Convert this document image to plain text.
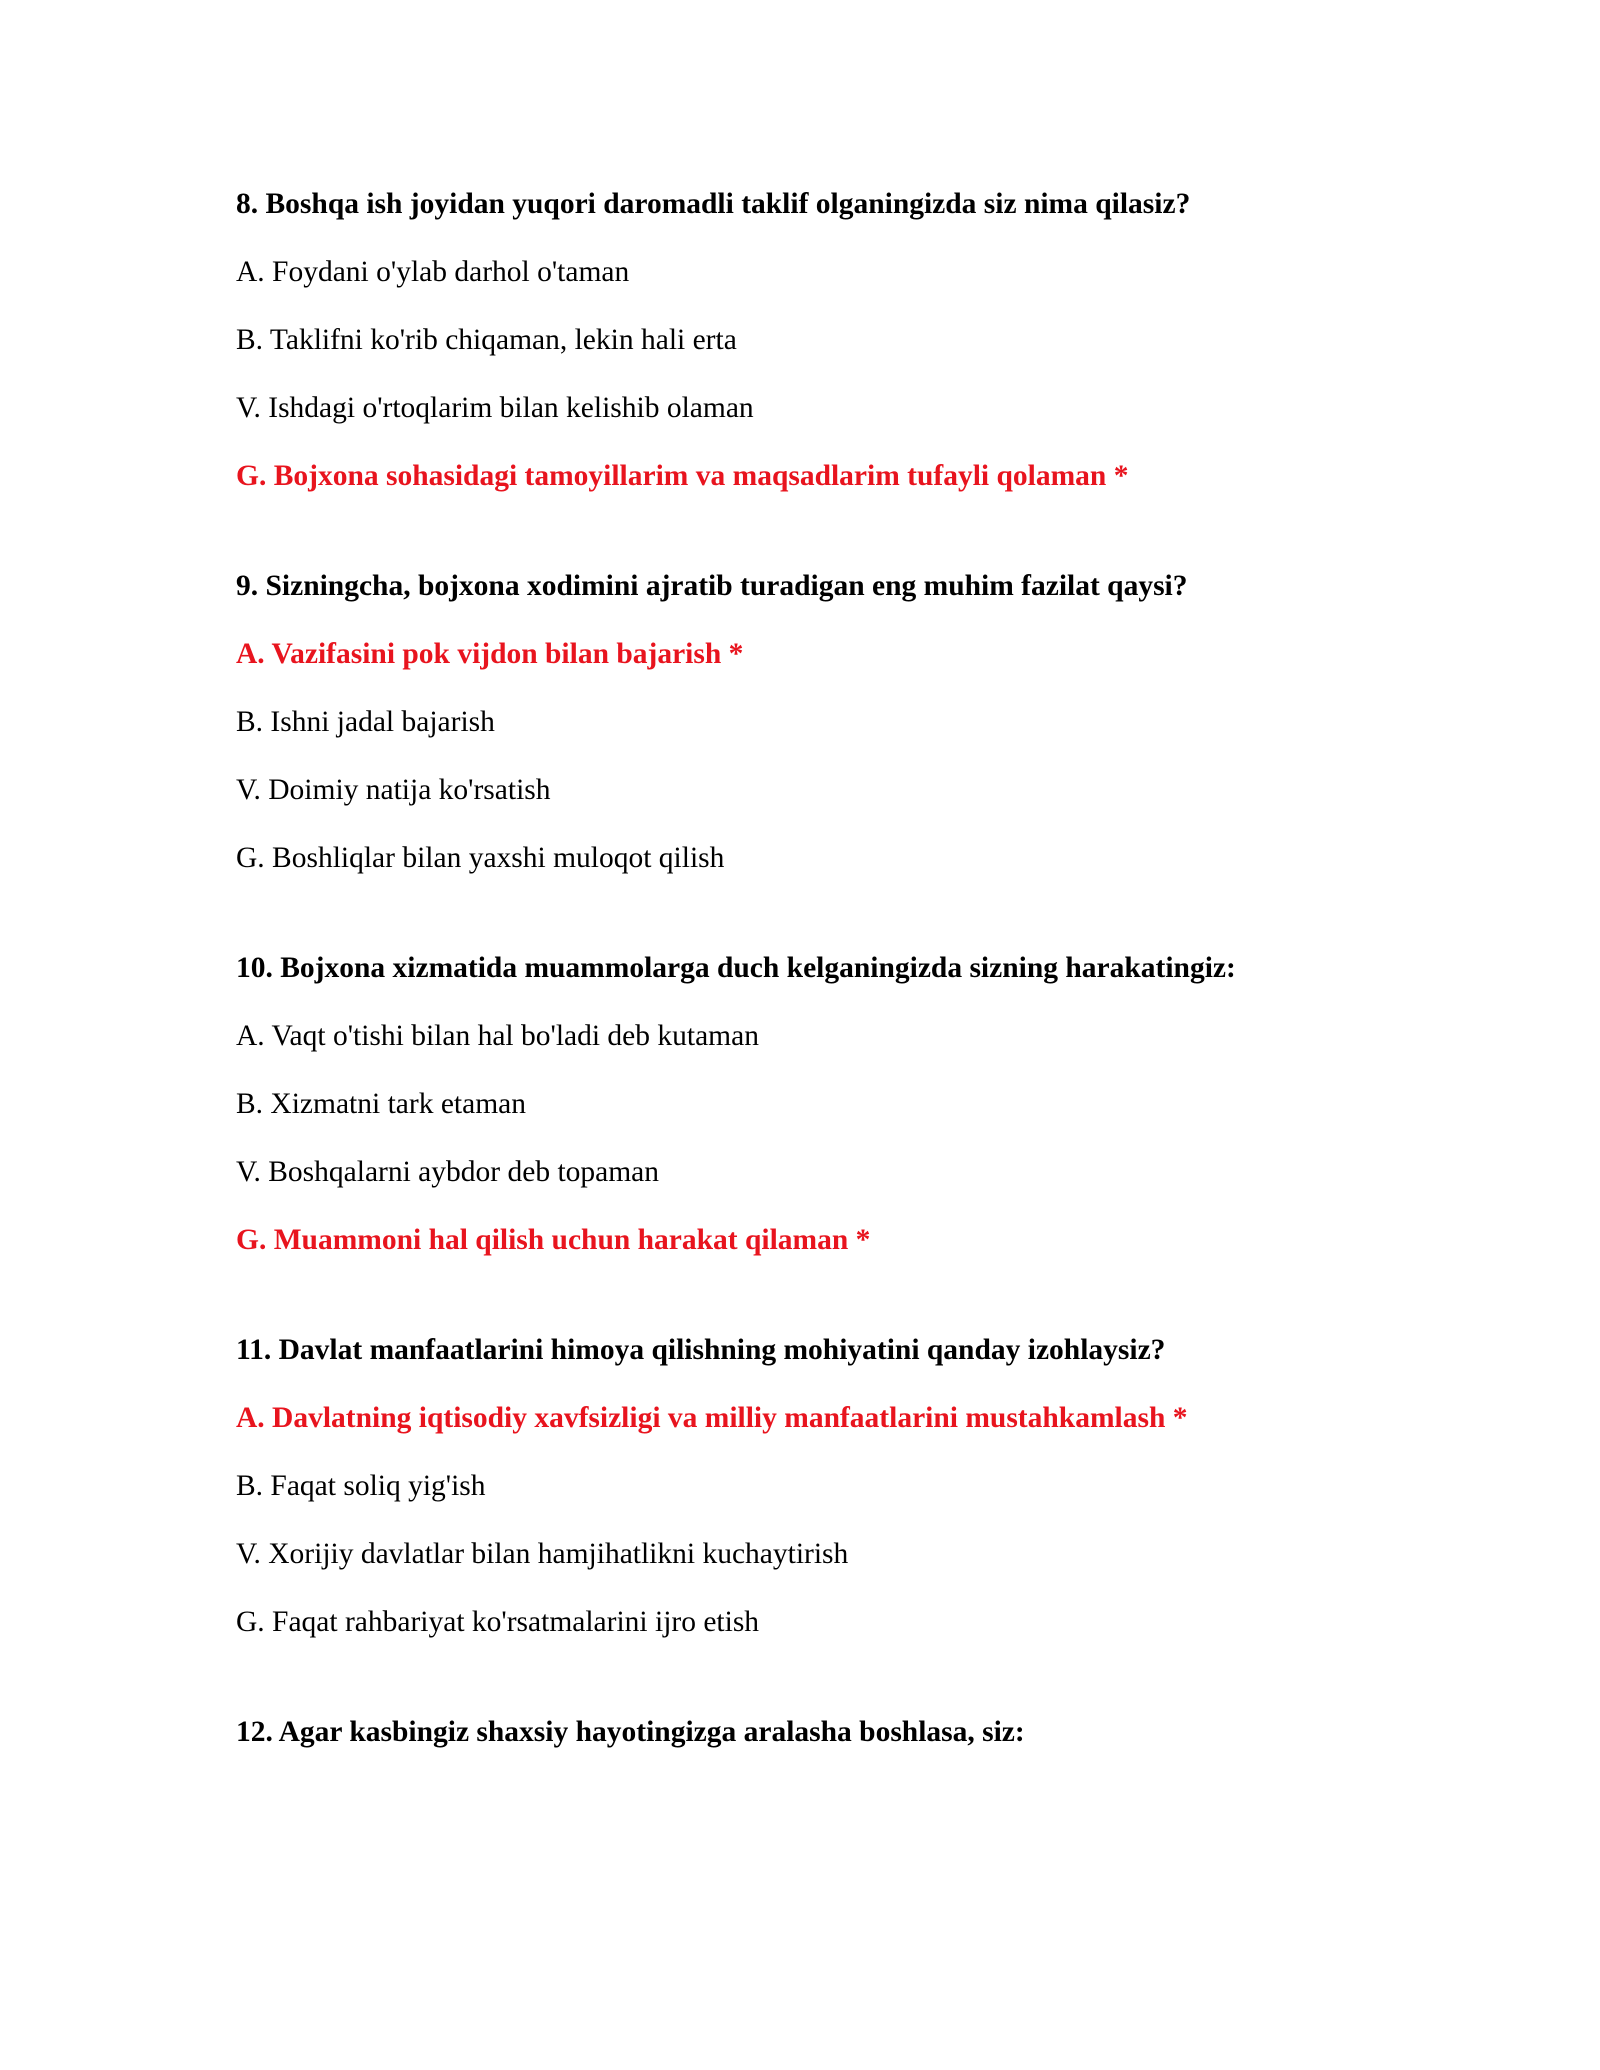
8. Boshqa ish joyidan yuqori daromadli taklif olganingizda siz nima qilasiz?
A. Foydani o'ylab darhol o'taman
B. Taklifni ko'rib chiqaman, lekin hali erta
V. Ishdagi o'rtoqlarim bilan kelishib olaman
G. Bojxona sohasidagi tamoyillarim va maqsadlarim tufayli qolaman *
9. Sizningcha, bojxona xodimini ajratib turadigan eng muhim fazilat qaysi?
A. Vazifasini pok vijdon bilan bajarish *
B. Ishni jadal bajarish
V. Doimiy natija ko'rsatish
G. Boshliqlar bilan yaxshi muloqot qilish
10. Bojxona xizmatida muammolarga duch kelganingizda sizning harakatingiz:
A. Vaqt o'tishi bilan hal bo'ladi deb kutaman
B. Xizmatni tark etaman
V. Boshqalarni aybdor deb topaman
G. Muammoni hal qilish uchun harakat qilaman *
11. Davlat manfaatlarini himoya qilishning mohiyatini qanday izohlaysiz?
A. Davlatning iqtisodiy xavfsizligi va milliy manfaatlarini mustahkamlash *
B. Faqat soliq yig'ish
V. Xorijiy davlatlar bilan hamjihatlikni kuchaytirish
G. Faqat rahbariyat ko'rsatmalarini ijro etish
12. Agar kasbingiz shaxsiy hayotingizga aralasha boshlasa, siz:
